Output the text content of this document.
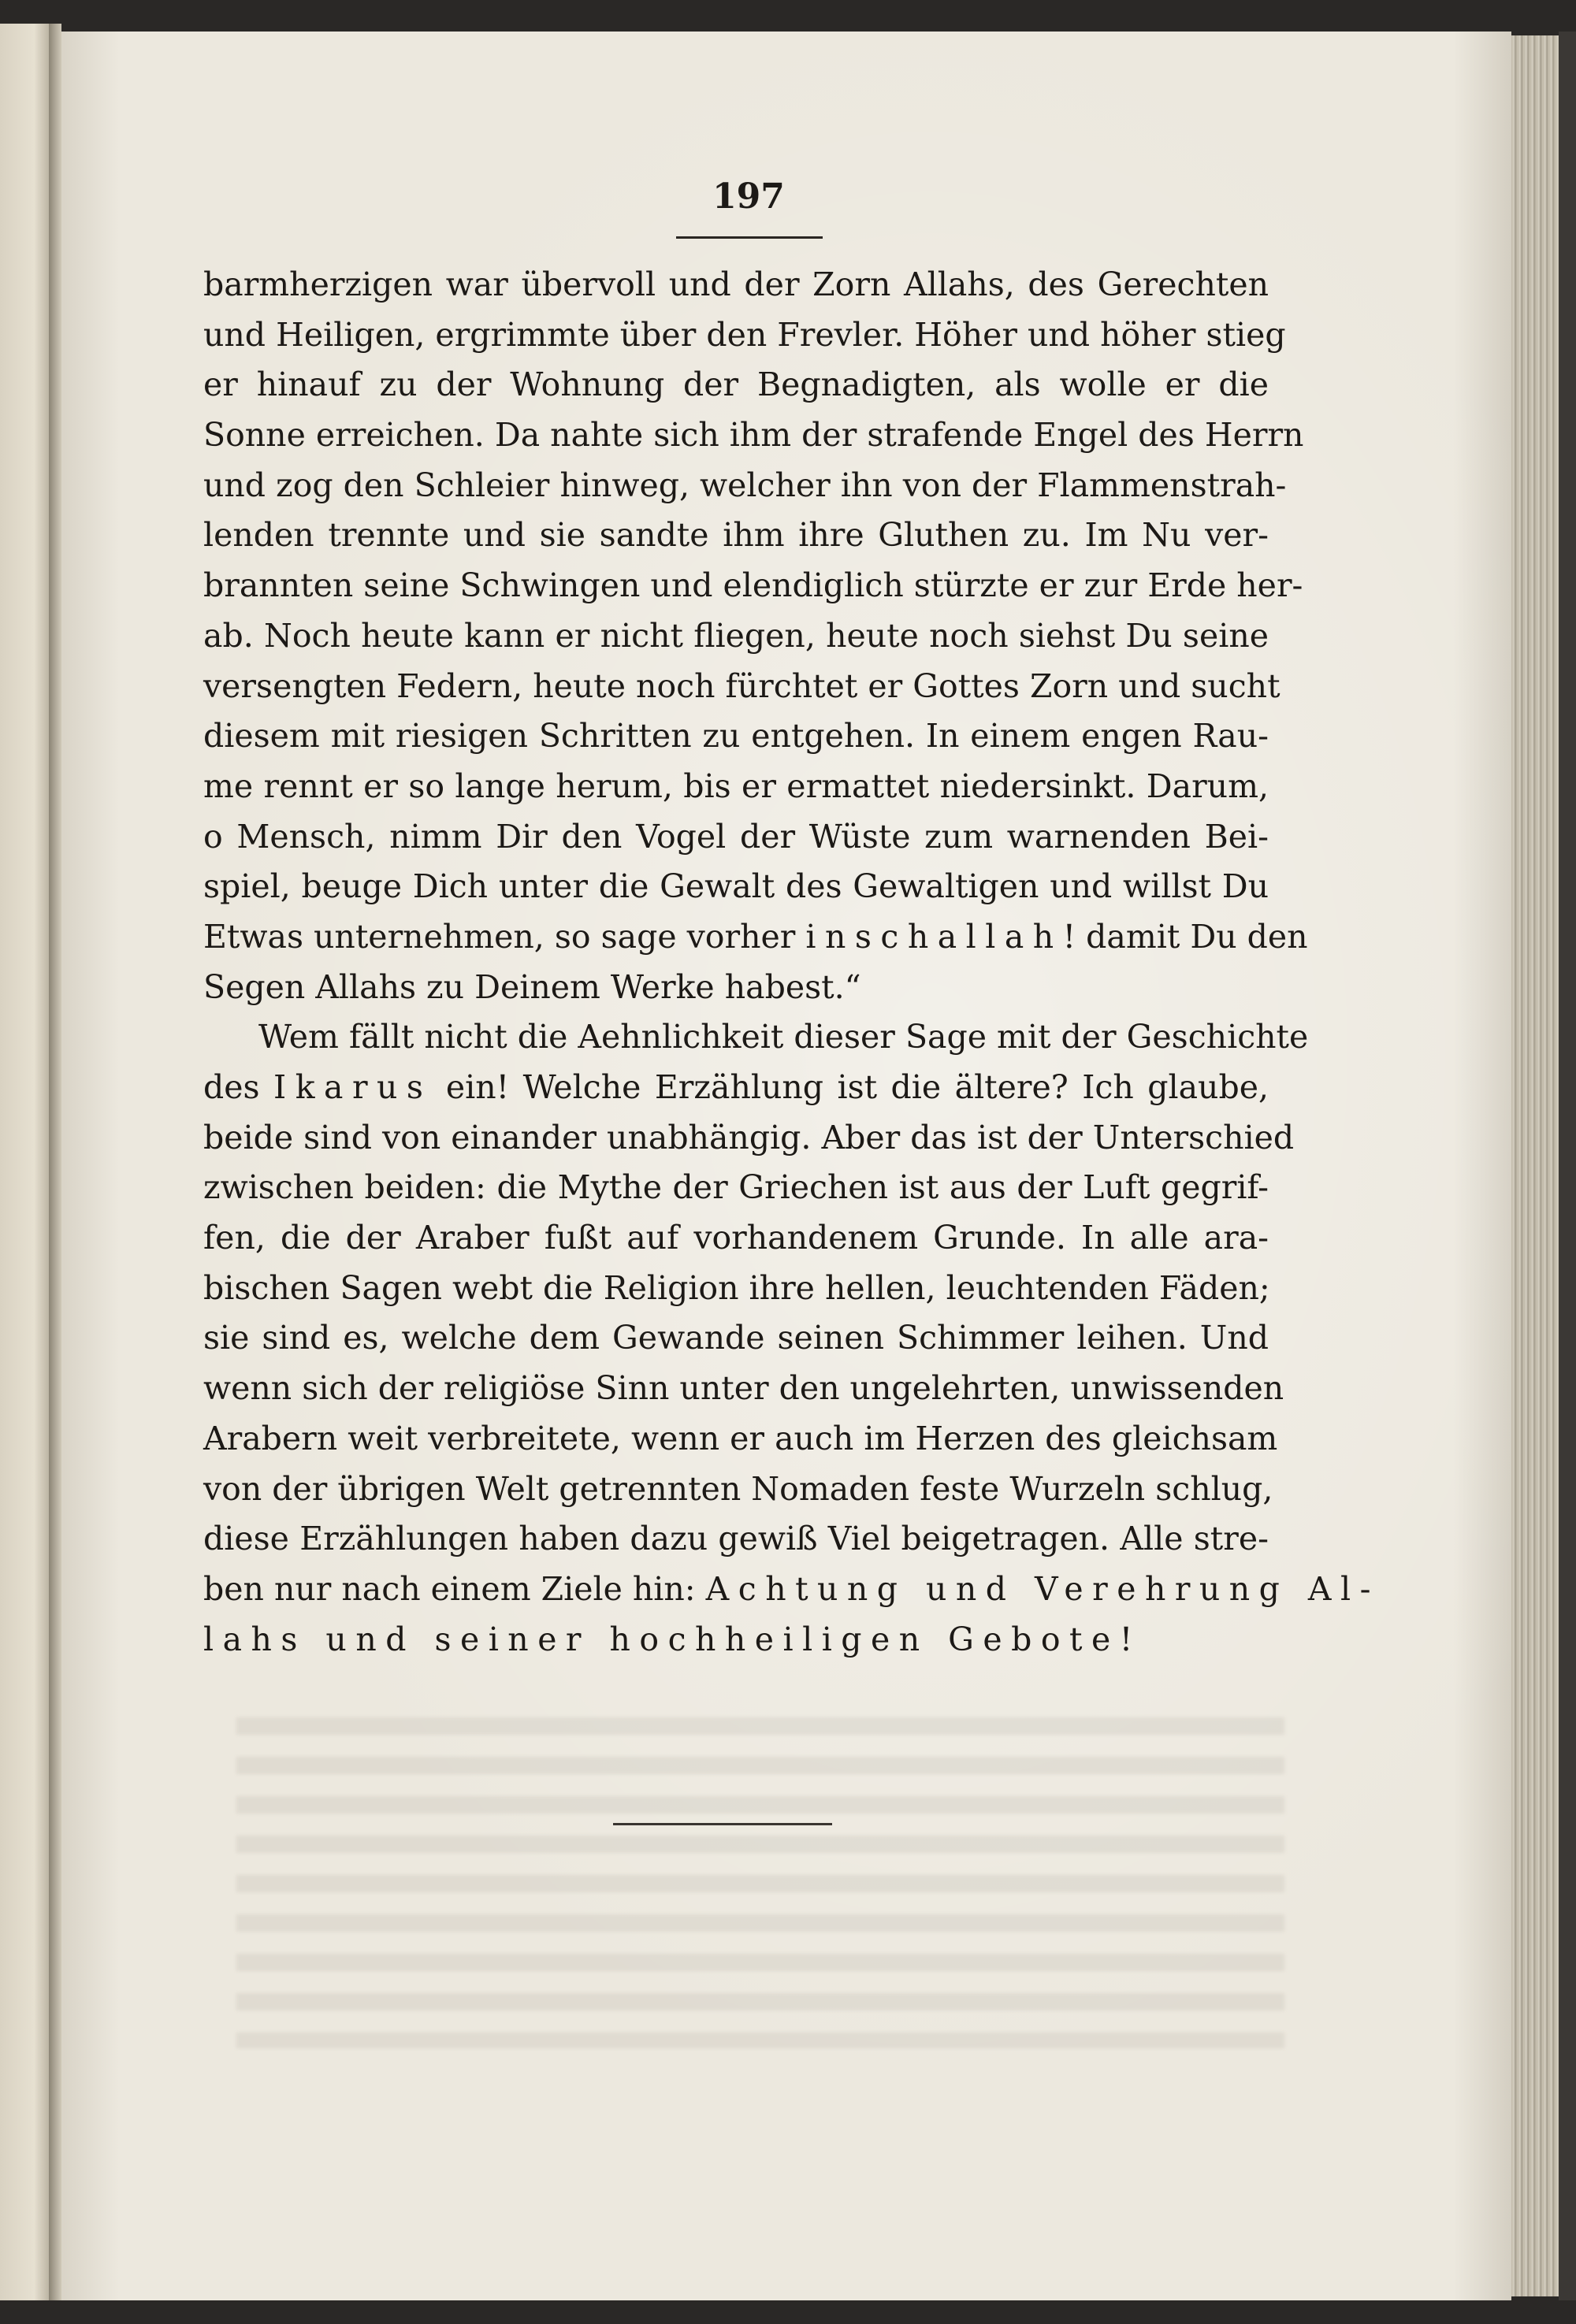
197
barmherzigen war übervoll und der Zorn Allahs, des Gerechten
und Heiligen, ergrimmte über den Frevler. Höher und höher stieg
er hinauf zu der Wohnung der Begnadigten, als wolle er die
Sonne erreichen. Da nahte sich ihm der strafende Engel des Herrn
und zog den Schleier hinweg, welcher ihn von der Flammenstrah-
lenden trennte und sie sandte ihm ihre Gluthen zu. Im Nu ver-
brannten seine Schwingen und elendiglich stürzte er zur Erde her-
ab. Noch heute kann er nicht fliegen, heute noch siehst Du seine
versengten Federn, heute noch fürchtet er Gottes Zorn und sucht
diesem mit riesigen Schritten zu entgehen. In einem engen Rau-
me rennt er so lange herum, bis er ermattet niedersinkt. Darum,
o Mensch, nimm Dir den Vogel der Wüste zum warnenden Bei-
spiel, beuge Dich unter die Gewalt des Gewaltigen und willst Du
Etwas unternehmen, so sage vorher inschallah! damit Du den
Segen Allahs zu Deinem Werke habest.“
Wem fällt nicht die Aehnlichkeit dieser Sage mit der Geschichte
des Ikarus ein! Welche Erzählung ist die ältere? Ich glaube,
beide sind von einander unabhängig. Aber das ist der Unterschied
zwischen beiden: die Mythe der Griechen ist aus der Luft gegrif-
fen, die der Araber fußt auf vorhandenem Grunde. In alle ara-
bischen Sagen webt die Religion ihre hellen, leuchtenden Fäden;
sie sind es, welche dem Gewande seinen Schimmer leihen. Und
wenn sich der religiöse Sinn unter den ungelehrten, unwissenden
Arabern weit verbreitete, wenn er auch im Herzen des gleichsam
von der übrigen Welt getrennten Nomaden feste Wurzeln schlug,
diese Erzählungen haben dazu gewiß Viel beigetragen. Alle stre-
ben nur nach einem Ziele hin: Achtung und Verehrung Al-
lahs und seiner hochheiligen Gebote!
